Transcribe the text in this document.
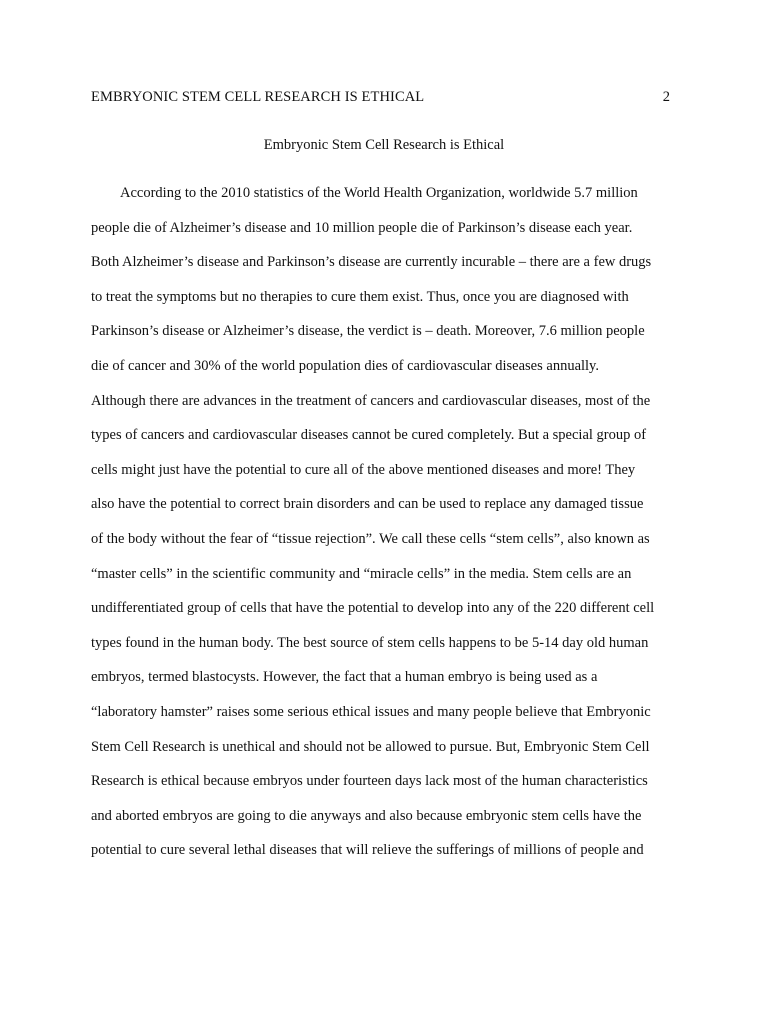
EMBRYONIC STEM CELL RESEARCH IS ETHICAL	2
Embryonic Stem Cell Research is Ethical
According to the 2010 statistics of the World Health Organization, worldwide 5.7 million
people die of Alzheimer’s disease and 10 million people die of Parkinson’s disease each year.
Both Alzheimer’s disease and Parkinson’s disease are currently incurable – there are a few drugs
to treat the symptoms but no therapies to cure them exist. Thus, once you are diagnosed with
Parkinson’s disease or Alzheimer’s disease, the verdict is – death. Moreover, 7.6 million people
die of cancer and 30% of the world population dies of cardiovascular diseases annually.
Although there are advances in the treatment of cancers and cardiovascular diseases, most of the
types of cancers and cardiovascular diseases cannot be cured completely. But a special group of
cells might just have the potential to cure all of the above mentioned diseases and more! They
also have the potential to correct brain disorders and can be used to replace any damaged tissue
of the body without the fear of “tissue rejection”. We call these cells “stem cells”, also known as
“master cells” in the scientific community and “miracle cells” in the media. Stem cells are an
undifferentiated group of cells that have the potential to develop into any of the 220 different cell
types found in the human body. The best source of stem cells happens to be 5-14 day old human
embryos, termed blastocysts. However, the fact that a human embryo is being used as a
“laboratory hamster” raises some serious ethical issues and many people believe that Embryonic
Stem Cell Research is unethical and should not be allowed to pursue. But, Embryonic Stem Cell
Research is ethical because embryos under fourteen days lack most of the human characteristics
and aborted embryos are going to die anyways and also because embryonic stem cells have the
potential to cure several lethal diseases that will relieve the sufferings of millions of people and
